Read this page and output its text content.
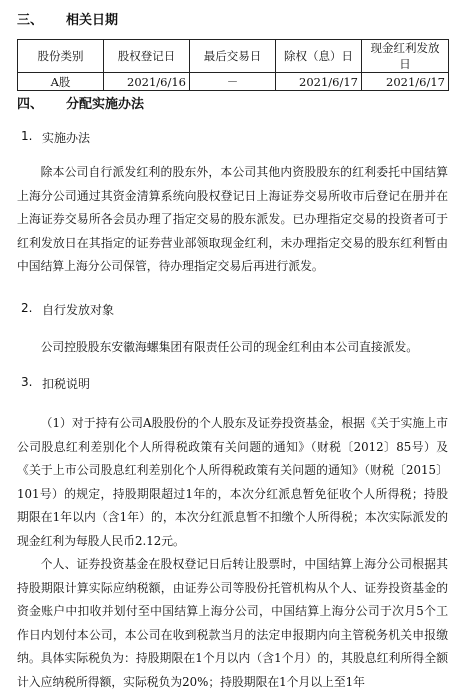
三、 相关日期
股份类别	股权登记日	最后交易日	除权（息）日	现金红利发放日
A股	2021/6/16	－	2021/6/17	2021/6/17
四、 分配实施办法
1. 实施办法

除本公司自行派发红利的股东外，本公司其他内资股股东的红利委托中国结算上海分公司通过其资金清算系统向股权登记日上海证券交易所收市后登记在册并在上海证券交易所各会员办理了指定交易的股东派发。已办理指定交易的投资者可于红利发放日在其指定的证券营业部领取现金红利，未办理指定交易的股东红利暂由中国结算上海分公司保管，待办理指定交易后再进行派发。

2. 自行发放对象

公司控股股东安徽海螺集团有限责任公司的现金红利由本公司直接派发。

3. 扣税说明

（1）对于持有公司A股股份的个人股东及证券投资基金，根据《关于实施上市公司股息红利差别化个人所得税政策有关问题的通知》（财税〔2012〕85号）及《关于上市公司股息红利差别化个人所得税政策有关问题的通知》（财税〔2015〕101号）的规定，持股期限超过1年的，本次分红派息暂免征收个人所得税；持股期限在1年以内（含1年）的，本次分红派息暂不扣缴个人所得税；本次实际派发的现金红利为每股人民币2.12元。

个人、证券投资基金在股权登记日后转让股票时，中国结算上海分公司根据其持股期限计算实际应纳税额，由证券公司等股份托管机构从个人、证券投资基金的资金账户中扣收并划付至中国结算上海分公司，中国结算上海分公司于次月5个工作日内划付本公司，本公司在收到税款当月的法定申报期内向主管税务机关申报缴纳。具体实际税负为：持股期限在1个月以内（含1个月）的，其股息红利所得全额计入应纳税所得额，实际税负为20%；持股期限在1个月以上至1年
